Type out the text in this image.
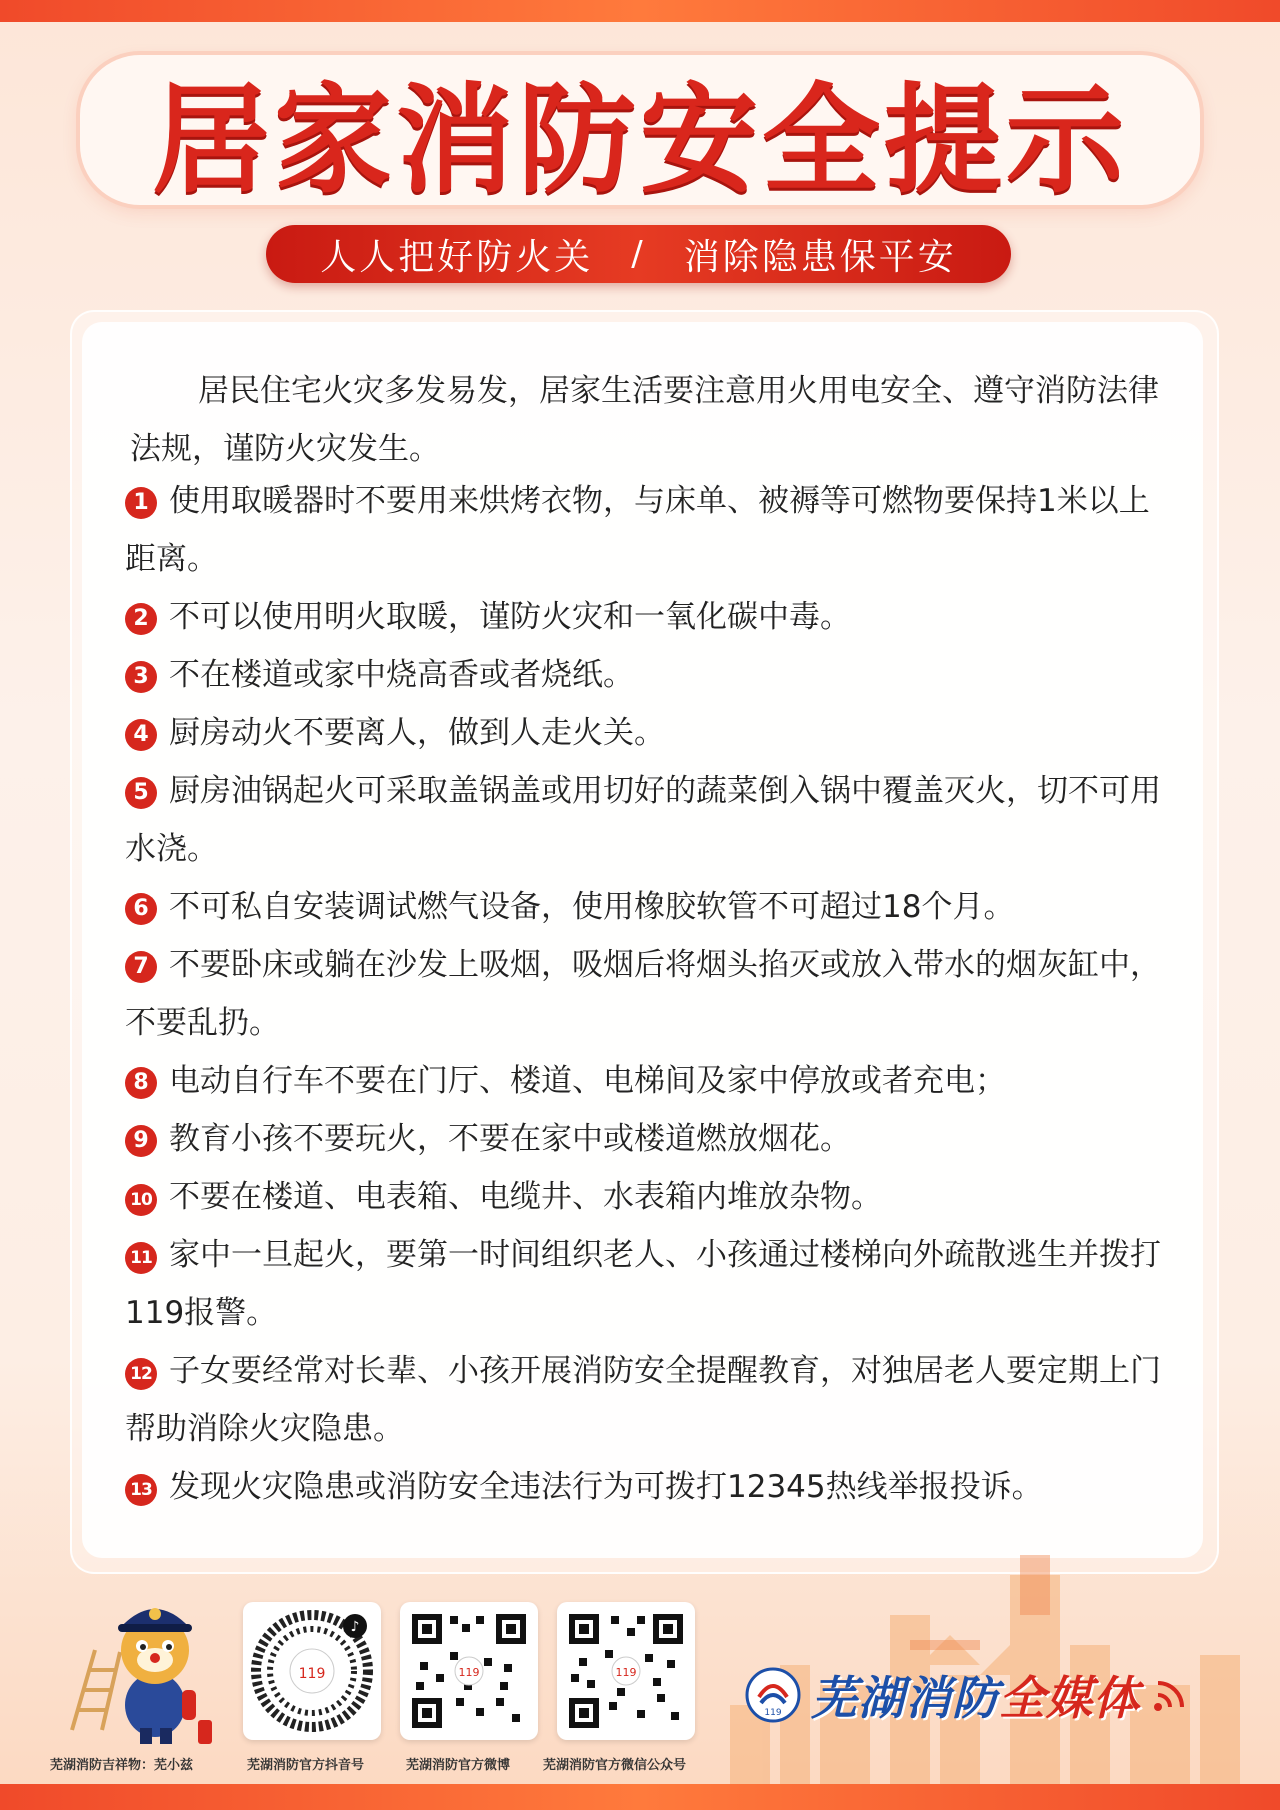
居家消防安全提示
人人把好防火关 / 消除隐患保平安

居民住宅火灾多发易发，居家生活要注意用火用电安全、遵守消防法律法规，谨防火灾发生。

1 使用取暖器时不要用来烘烤衣物，与床单、被褥等可燃物要保持1米以上距离。
2 不可以使用明火取暖，谨防火灾和一氧化碳中毒。
3 不在楼道或家中烧高香或者烧纸。
4 厨房动火不要离人，做到人走火关。
5 厨房油锅起火可采取盖锅盖或用切好的蔬菜倒入锅中覆盖灭火，切不可用水浇。
6 不可私自安装调试燃气设备，使用橡胶软管不可超过18个月。
7 不要卧床或躺在沙发上吸烟，吸烟后将烟头掐灭或放入带水的烟灰缸中，不要乱扔。
8 电动自行车不要在门厅、楼道、电梯间及家中停放或者充电；
9 教育小孩不要玩火，不要在家中或楼道燃放烟花。
10 不要在楼道、电表箱、电缆井、水表箱内堆放杂物。
11 家中一旦起火，要第一时间组织老人、小孩通过楼梯向外疏散逃生并拨打119报警。
12 子女要经常对长辈、小孩开展消防安全提醒教育，对独居老人要定期上门帮助消除火灾隐患。
13 发现火灾隐患或消防安全违法行为可拨打12345热线举报投诉。
119
♪
119	119
芜湖消防吉祥物：芜小兹	芜湖消防官方抖音号	芜湖消防官方微博	芜湖消防官方微信公众号
119 芜湖消防全媒体
